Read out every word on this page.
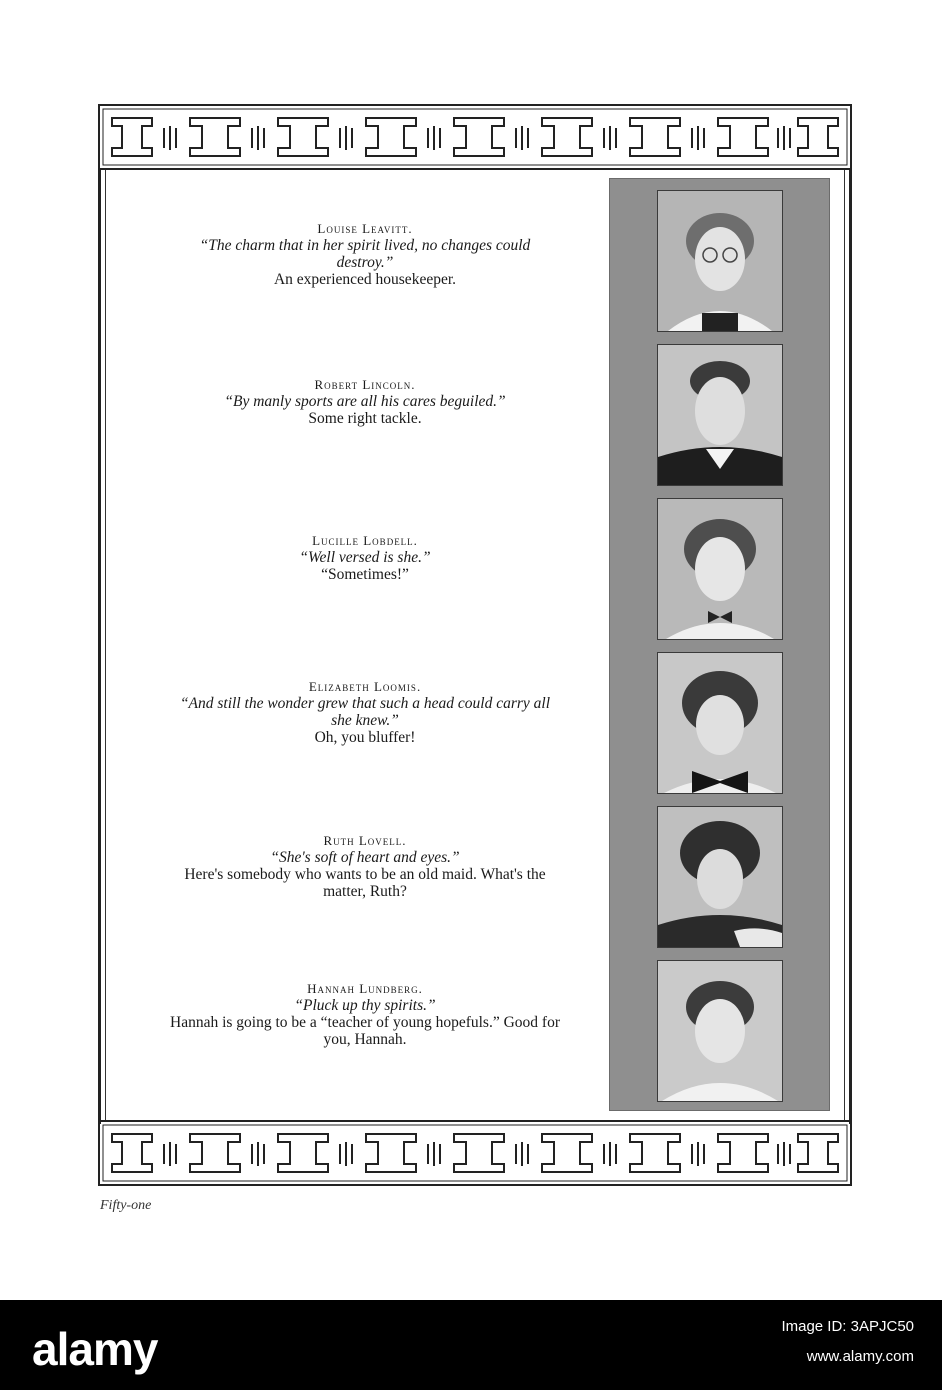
Louise Leavitt.
“The charm that in her spirit lived, no changes could destroy.”
An experienced housekeeper.
Robert Lincoln.
“By manly sports are all his cares beguiled.”
Some right tackle.
Lucille Lobdell.
“Well versed is she.”
“Sometimes!”
Elizabeth Loomis.
“And still the wonder grew that such a head could carry all she knew.”
Oh, you bluffer!
Ruth Lovell.
“She's soft of heart and eyes.”
Here's somebody who wants to be an old maid. What's the matter, Ruth?
Hannah Lundberg.
“Pluck up thy spirits.”
Hannah is going to be a “teacher of young hopefuls.” Good for you, Hannah.
Fifty-one
alamy	Image ID: 3APJC50
www.alamy.com
